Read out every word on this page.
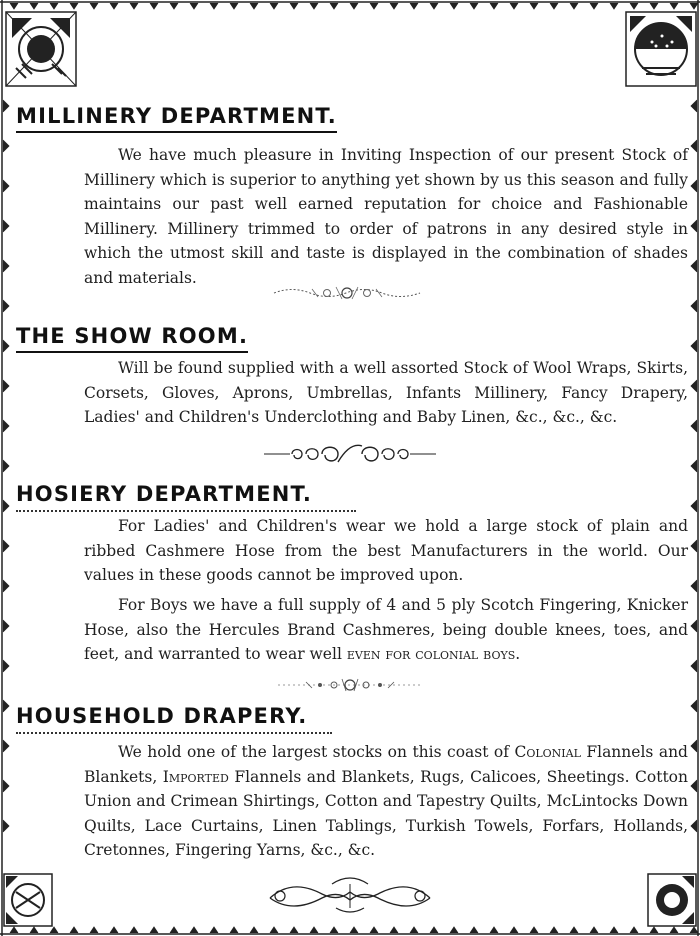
MILLINERY DEPARTMENT.

We have much pleasure in Inviting Inspection of our present Stock of Millinery which is superior to anything yet shown by us this season and fully maintains our past well earned reputation for choice and Fashionable Millinery. Millinery trimmed to order of patrons in any desired style in which the utmost skill and taste is displayed in the combination of shades and materials.

THE SHOW ROOM.

Will be found supplied with a well assorted Stock of Wool Wraps, Skirts, Corsets, Gloves, Aprons, Umbrellas, Infants Millinery, Fancy Drapery, Ladies' and Children's Underclothing and Baby Linen, &c., &c., &c.

HOSIERY DEPARTMENT.

For Ladies' and Children's wear we hold a large stock of plain and ribbed Cashmere Hose from the best Manufacturers in the world. Our values in these goods cannot be improved upon.

For Boys we have a full supply of 4 and 5 ply Scotch Fingering, Knicker Hose, also the Hercules Brand Cashmeres, being double knees, toes, and feet, and warranted to wear well even for colonial boys.

HOUSEHOLD DRAPERY.

We hold one of the largest stocks on this coast of Colonial Flannels and Blankets, Imported Flannels and Blankets, Rugs, Calicoes, Sheetings. Cotton Union and Crimean Shirtings, Cotton and Tapestry Quilts, McLintocks Down Quilts, Lace Curtains, Linen Tablings, Turkish Towels, Forfars, Hollands, Cretonnes, Fingering Yarns, &c., &c.
